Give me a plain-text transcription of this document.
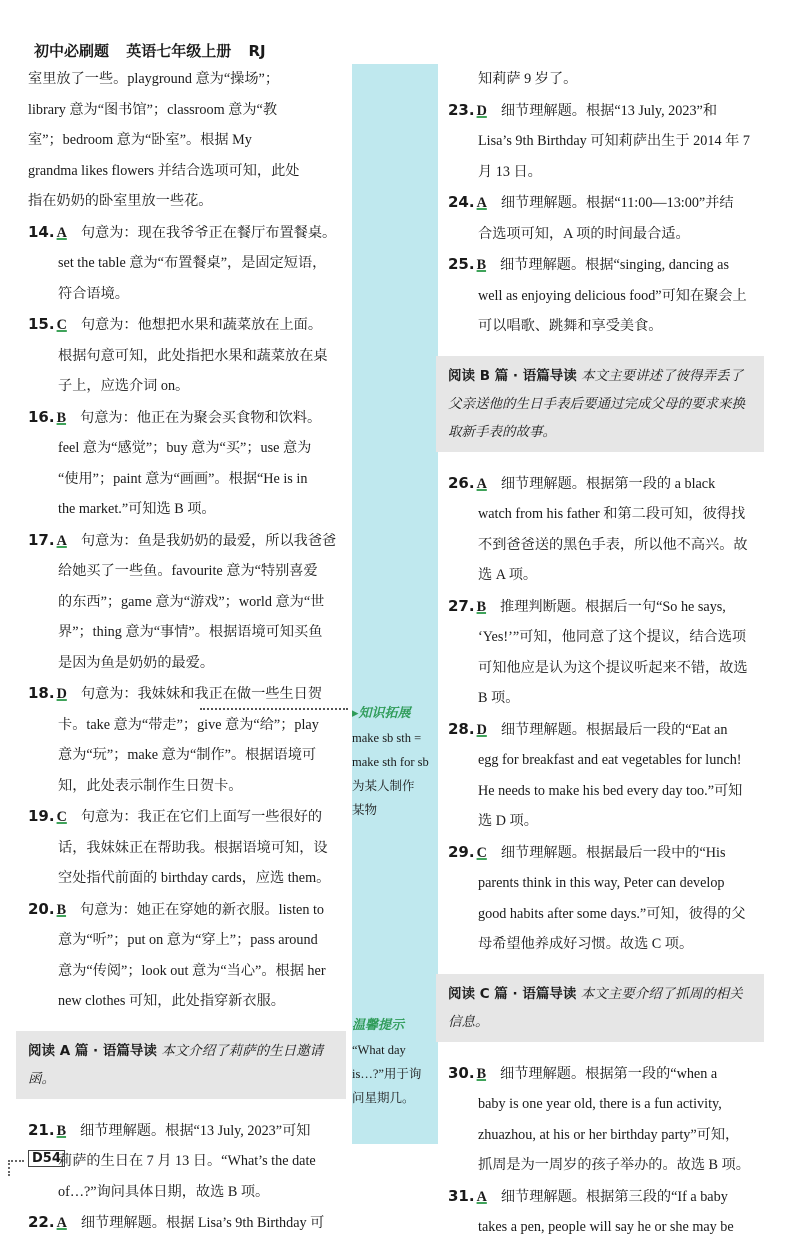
初中必刷题 英语七年级上册 RJ
▸知识拓展
make sb sth =
make sth for sb
为某人制作
某物
温馨提示
“What day
is…?”用于询
问星期几。

室里放了一些。playground 意为“操场”；

library 意为“图书馆”；classroom 意为“教

室”；bedroom 意为“卧室”。根据 My

grandma likes flowers 并结合选项可知，此处

指在奶奶的卧室里放一些花。

14. A 句意为：现在我爷爷正在餐厅布置餐桌。

set the table 意为“布置餐桌”，是固定短语，

符合语境。

15. C 句意为：他想把水果和蔬菜放在上面。

根据句意可知，此处指把水果和蔬菜放在桌

子上，应选介词 on。

16. B 句意为：他正在为聚会买食物和饮料。

feel 意为“感觉”；buy 意为“买”；use 意为

“使用”；paint 意为“画画”。根据“He is in

the market.”可知选 B 项。

17. A 句意为：鱼是我奶奶的最爱，所以我爸爸

给她买了一些鱼。favourite 意为“特别喜爱

的东西”；game 意为“游戏”；world 意为“世

界”；thing 意为“事情”。根据语境可知买鱼

是因为鱼是奶奶的最爱。

18. D 句意为：我妹妹和我正在做一些生日贺

卡。take 意为“带走”；give 意为“给”；play

意为“玩”；make 意为“制作”。根据语境可

知，此处表示制作生日贺卡。

19. C 句意为：我正在它们上面写一些很好的

话，我妹妹正在帮助我。根据语境可知，设

空处指代前面的 birthday cards，应选 them。

20. B 句意为：她正在穿她的新衣服。listen to

意为“听”；put on 意为“穿上”；pass around

意为“传阅”；look out 意为“当心”。根据 her

new clothes 可知，此处指穿新衣服。

阅读 A 篇 · 语篇导读 本文介绍了莉萨的生日邀请函。

21. B 细节理解题。根据“13 July, 2023”可知

莉萨的生日在 7 月 13 日。“What’s the date

of…?”询问具体日期，故选 B 项。

22. A 细节理解题。根据 Lisa’s 9th Birthday 可

知莉萨 9 岁了。

23. D 细节理解题。根据“13 July, 2023”和

Lisa’s 9th Birthday 可知莉萨出生于 2014 年 7

月 13 日。

24. A 细节理解题。根据“11:00—13:00”并结

合选项可知，A 项的时间最合适。

25. B 细节理解题。根据“singing, dancing as

well as enjoying delicious food”可知在聚会上

可以唱歌、跳舞和享受美食。

阅读 B 篇 · 语篇导读 本文主要讲述了彼得弄丢了父亲送他的生日手表后要通过完成父母的要求来换取新手表的故事。

26. A 细节理解题。根据第一段的 a black

watch from his father 和第二段可知，彼得找

不到爸爸送的黑色手表，所以他不高兴。故

选 A 项。

27. B 推理判断题。根据后一句“So he says,

‘Yes!’”可知，他同意了这个提议，结合选项

可知他应是认为这个提议听起来不错，故选

B 项。

28. D 细节理解题。根据最后一段的“Eat an

egg for breakfast and eat vegetables for lunch!

He needs to make his bed every day too.”可知

选 D 项。

29. C 细节理解题。根据最后一段中的“His

parents think in this way, Peter can develop

good habits after some days.”可知，彼得的父

母希望他养成好习惯。故选 C 项。

阅读 C 篇 · 语篇导读 本文主要介绍了抓周的相关信息。

30. B 细节理解题。根据第一段的“when a

baby is one year old, there is a fun activity,

zhuazhou, at his or her birthday party”可知，

抓周是为一周岁的孩子举办的。故选 B 项。

31. A 细节理解题。根据第三段的“If a baby

takes a pen, people will say he or she may be

D54
